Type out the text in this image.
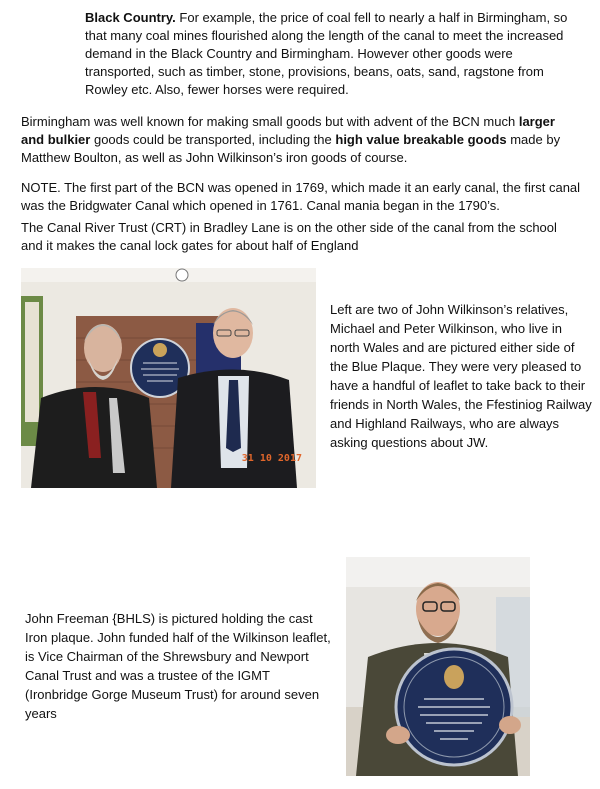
Black Country. For example, the price of coal fell to nearly a half in Birmingham, so that many coal mines flourished along the length of the canal to meet the increased demand in the Black Country and Birmingham. However other goods were transported, such as timber, stone, provisions, beans, oats, sand, ragstone from Rowley etc. Also, fewer horses were required.

Birmingham was well known for making small goods but with advent of the BCN much larger and bulkier goods could be transported, including the high value breakable goods made by Matthew Boulton, as well as John Wilkinson’s iron goods of course.

NOTE. The first part of the BCN was opened in 1769, which made it an early canal, the first canal was the Bridgwater Canal which opened in 1761. Canal mania began in the 1790’s.

The Canal River Trust (CRT) in Bradley Lane is on the other side of the canal from the school and it makes the canal lock gates for about half of England

31 10 2017

Left are two of John Wilkinson’s relatives, Michael and Peter Wilkinson, who live in north Wales and are pictured either side of the Blue Plaque. They were very pleased to have a handful of leaflet to take back to their friends in North Wales, the Ffestiniog Railway and Highland Railways, who are always asking questions about JW.

John Freeman {BHLS) is pictured holding the cast Iron plaque. John funded half of the Wilkinson leaflet, is Vice Chairman of the Shrewsbury and Newport Canal Trust and was a trustee of the IGMT (Ironbridge Gorge Museum Trust) for around seven years
